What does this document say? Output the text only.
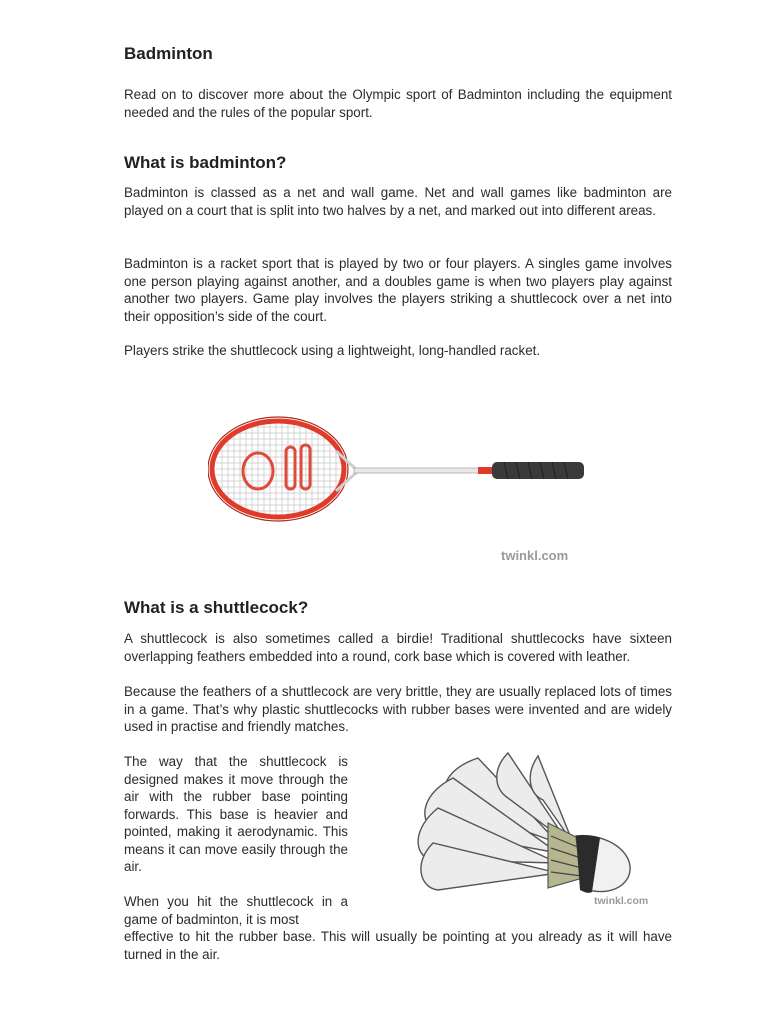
Badminton
Read on to discover more about the Olympic sport of Badminton including the equipment needed and the rules of the popular sport.
What is badminton?
Badminton is classed as a net and wall game. Net and wall games like badminton are played on a court that is split into two halves by a net, and marked out into different areas.
Badminton is a racket sport that is played by two or four players. A singles game involves one person playing against another, and a doubles game is when two players play against another two players. Game play involves the players striking a shuttlecock over a net into their opposition’s side of the court.
Players strike the shuttlecock using a lightweight, long-handled racket.
twinkl.com
What is a shuttlecock?
A shuttlecock is also sometimes called a birdie! Traditional shuttlecocks have sixteen overlapping feathers embedded into a round, cork base which is covered with leather.
Because the feathers of a shuttlecock are very brittle, they are usually replaced lots of times in a game. That’s why plastic shuttlecocks with rubber bases were invented and are widely used in practise and friendly matches.
The way that the shuttlecock is designed makes it move through the air with the rubber base pointing forwards. This base is heavier and pointed, making it aerodynamic. This means it can move easily through the air.
When you hit the shuttlecock in a game of badminton, it is most
effective to hit the rubber base. This will usually be pointing at you already as it will have turned in the air.
twinkl.com
